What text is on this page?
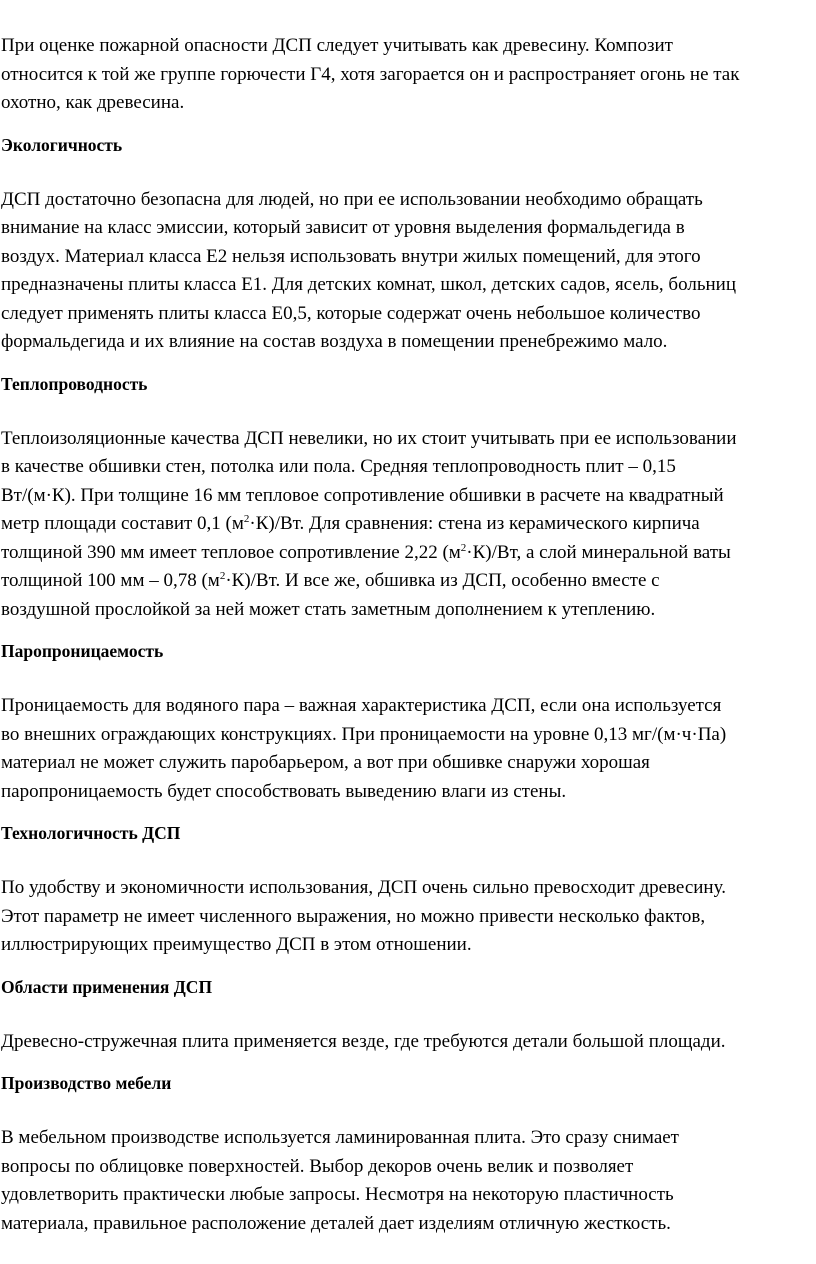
При оценке пожарной опасности ДСП следует учитывать как древесину. Композит
относится к той же группе горючести Г4, хотя загорается он и распространяет огонь не так
охотно, как древесина.

Экологичность

ДСП достаточно безопасна для людей, но при ее использовании необходимо обращать
внимание на класс эмиссии, который зависит от уровня выделения формальдегида в
воздух. Материал класса Е2 нельзя использовать внутри жилых помещений, для этого
предназначены плиты класса Е1. Для детских комнат, школ, детских садов, ясель, больниц
следует применять плиты класса Е0,5, которые содержат очень небольшое количество
формальдегида и их влияние на состав воздуха в помещении пренебрежимо мало.

Теплопроводность

Теплоизоляционные качества ДСП невелики, но их стоит учитывать при ее использовании
в качестве обшивки стен, потолка или пола. Средняя теплопроводность плит – 0,15
Вт/(м·К). При толщине 16 мм тепловое сопротивление обшивки в расчете на квадратный
метр площади составит 0,1 $(м^2\cdot К)/Вт$. Для сравнения: стена из керамического кирпича
толщиной 390 мм имеет тепловое сопротивление 2,22 $(м^2\cdot К)/Вт$, а слой минеральной ваты
толщиной 100 мм – 0,78 $(м^2\cdot К)/Вт$. И все же, обшивка из ДСП, особенно вместе с
воздушной прослойкой за ней может стать заметным дополнением к утеплению.

Паропроницаемость

Проницаемость для водяного пара – важная характеристика ДСП, если она используется
во внешних ограждающих конструкциях. При проницаемости на уровне 0,13 мг/(м·ч·Па)
материал не может служить паробарьером, а вот при обшивке снаружи хорошая
паропроницаемость будет способствовать выведению влаги из стены.

Технологичность ДСП

По удобству и экономичности использования, ДСП очень сильно превосходит древесину.
Этот параметр не имеет численного выражения, но можно привести несколько фактов,
иллюстрирующих преимущество ДСП в этом отношении.

Области применения ДСП

Древесно-стружечная плита применяется везде, где требуются детали большой площади.

Производство мебели

В мебельном производстве используется ламинированная плита. Это сразу снимает
вопросы по облицовке поверхностей. Выбор декоров очень велик и позволяет
удовлетворить практически любые запросы. Несмотря на некоторую пластичность
материала, правильное расположение деталей дает изделиям отличную жесткость.
